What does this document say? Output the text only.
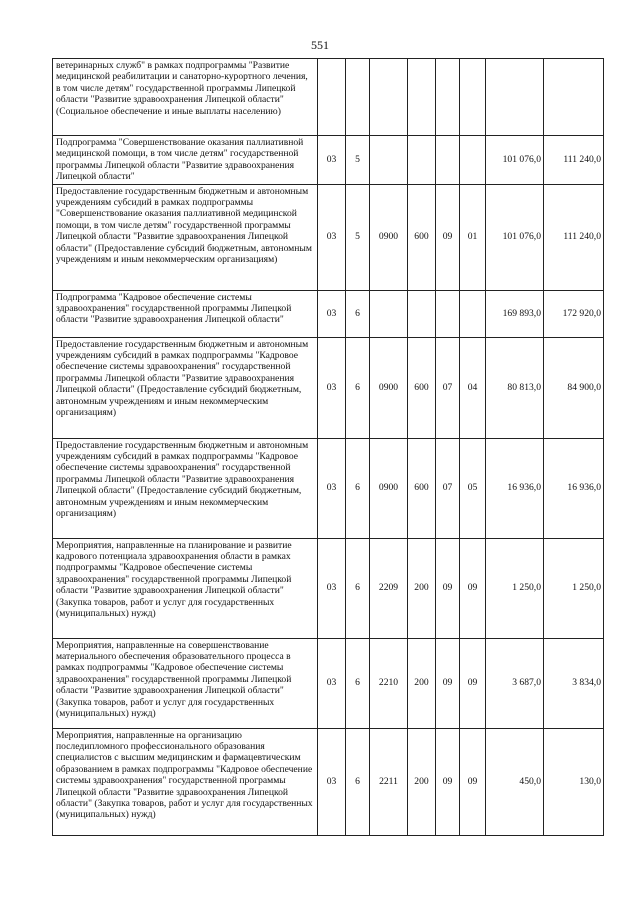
551
ветеринарных служб" в рамках подпрограммы "Развитие медицинской реабилитации и санаторно-курортного лечения, в том числе детям" государственной программы Липецкой области "Развитие здравоохранения Липецкой области" (Социальное обеспечение и иные выплаты населению)								
Подпрограмма "Совершенствование оказания паллиативной медицинской помощи, в том числе детям" государственной программы Липецкой области "Развитие здравоохранения Липецкой области"	03	5					101 076,0	111 240,0
Предоставление государственным бюджетным и автономным учреждениям субсидий в рамках подпрограммы "Совершенствование оказания паллиативной медицинской помощи, в том числе детям" государственной программы Липецкой области "Развитие здравоохранения Липецкой области" (Предоставление субсидий бюджетным, автономным учреждениям и иным некоммерческим организациям)	03	5	0900	600	09	01	101 076,0	111 240,0
Подпрограмма "Кадровое обеспечение системы здравоохранения" государственной программы Липецкой области "Развитие здравоохранения Липецкой области"	03	6					169 893,0	172 920,0
Предоставление государственным бюджетным и автономным учреждениям субсидий в рамках подпрограммы "Кадровое обеспечение системы здравоохранения" государственной программы Липецкой области "Развитие здравоохранения Липецкой области" (Предоставление субсидий бюджетным, автономным учреждениям и иным некоммерческим организациям)	03	6	0900	600	07	04	80 813,0	84 900,0
Предоставление государственным бюджетным и автономным учреждениям субсидий в рамках подпрограммы "Кадровое обеспечение системы здравоохранения" государственной программы Липецкой области "Развитие здравоохранения Липецкой области" (Предоставление субсидий бюджетным, автономным учреждениям и иным некоммерческим организациям)	03	6	0900	600	07	05	16 936,0	16 936,0
Мероприятия, направленные на планирование и развитие кадрового потенциала здравоохранения области в рамках подпрограммы "Кадровое обеспечение системы здравоохранения" государственной программы Липецкой области "Развитие здравоохранения Липецкой области" (Закупка товаров, работ и услуг для государственных (муниципальных) нужд)	03	6	2209	200	09	09	1 250,0	1 250,0
Мероприятия, направленные на совершенствование материального обеспечения образовательного процесса в рамках подпрограммы "Кадровое обеспечение системы здравоохранения" государственной программы Липецкой области "Развитие здравоохранения Липецкой области" (Закупка товаров, работ и услуг для государственных (муниципальных) нужд)	03	6	2210	200	09	09	3 687,0	3 834,0
Мероприятия, направленные на организацию последипломного профессионального образования специалистов с высшим медицинским и фармацевтическим образованием в рамках подпрограммы "Кадровое обеспечение системы здравоохранения" государственной программы Липецкой области "Развитие здравоохранения Липецкой области" (Закупка товаров, работ и услуг для государственных (муниципальных) нужд)	03	6	2211	200	09	09	450,0	130,0
